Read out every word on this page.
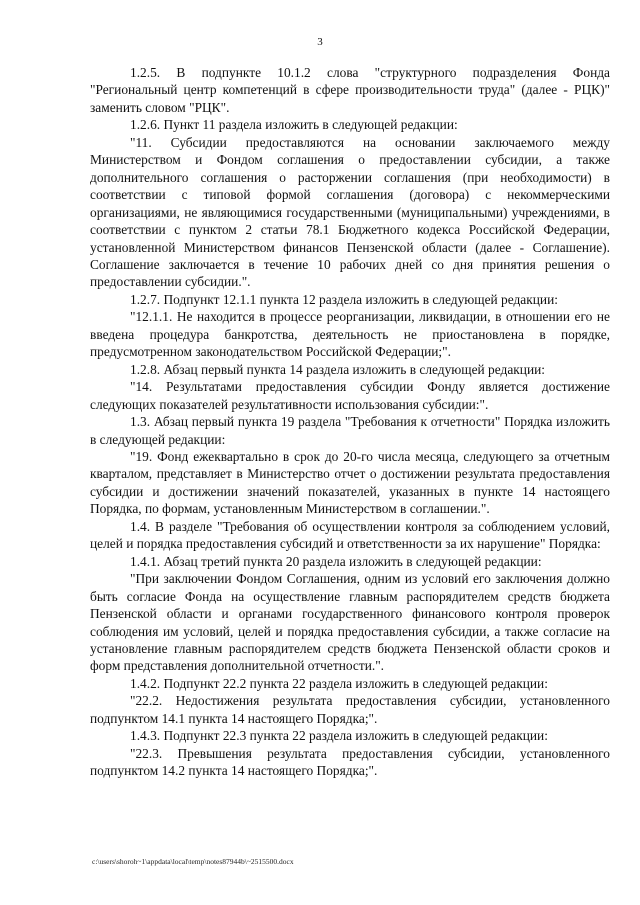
3

1.2.5. В подпункте 10.1.2 слова "структурного подразделения Фонда "Региональный центр компетенций в сфере производительности труда" (далее - РЦК)" заменить словом "РЦК".

1.2.6. Пункт 11 раздела изложить в следующей редакции:

"11. Субсидии предоставляются на основании заключаемого между Министерством и Фондом соглашения о предоставлении субсидии, а также дополнительного соглашения о расторжении соглашения (при необходимости) в соответствии с типовой формой соглашения (договора) с некоммерческими организациями, не являющимися государственными (муниципальными) учреждениями, в соответствии с пунктом 2 статьи 78.1 Бюджетного кодекса Российской Федерации, установленной Министерством финансов Пензенской области (далее - Соглашение). Соглашение заключается в течение 10 рабочих дней со дня принятия решения о предоставлении субсидии.".

1.2.7. Подпункт 12.1.1 пункта 12 раздела изложить в следующей редакции:

"12.1.1. Не находится в процессе реорганизации, ликвидации, в отношении его не введена процедура банкротства, деятельность не приостановлена в порядке, предусмотренном законодательством Российской Федерации;".

1.2.8. Абзац первый пункта 14 раздела изложить в следующей редакции:

"14. Результатами предоставления субсидии Фонду является достижение следующих показателей результативности использования субсидии:".

1.3. Абзац первый пункта 19 раздела "Требования к отчетности" Порядка изложить в следующей редакции:

"19. Фонд ежеквартально в срок до 20-го числа месяца, следующего за отчетным кварталом, представляет в Министерство отчет о достижении результата предоставления субсидии и достижении значений показателей, указанных в пункте 14 настоящего Порядка, по формам, установленным Министерством в соглашении.".

1.4. В разделе "Требования об осуществлении контроля за соблюдением условий, целей и порядка предоставления субсидий и ответственности за их нарушение" Порядка:

1.4.1. Абзац третий пункта 20 раздела изложить в следующей редакции:

"При заключении Фондом Соглашения, одним из условий его заключения должно быть согласие Фонда на осуществление главным распорядителем средств бюджета Пензенской области и органами государственного финансового контроля проверок соблюдения им условий, целей и порядка предоставления субсидии, а также согласие на установление главным распорядителем средств бюджета Пензенской области сроков и форм представления дополнительной отчетности.".

1.4.2. Подпункт 22.2 пункта 22 раздела изложить в следующей редакции:

"22.2. Недостижения результата предоставления субсидии, установленного подпунктом 14.1 пункта 14 настоящего Порядка;".

1.4.3. Подпункт 22.3 пункта 22 раздела изложить в следующей редакции:

"22.3. Превышения результата предоставления субсидии, установленного подпунктом 14.2 пункта 14 настоящего Порядка;".

c:\users\shoroh~1\appdata\local\temp\notes87944b\~2515500.docx
